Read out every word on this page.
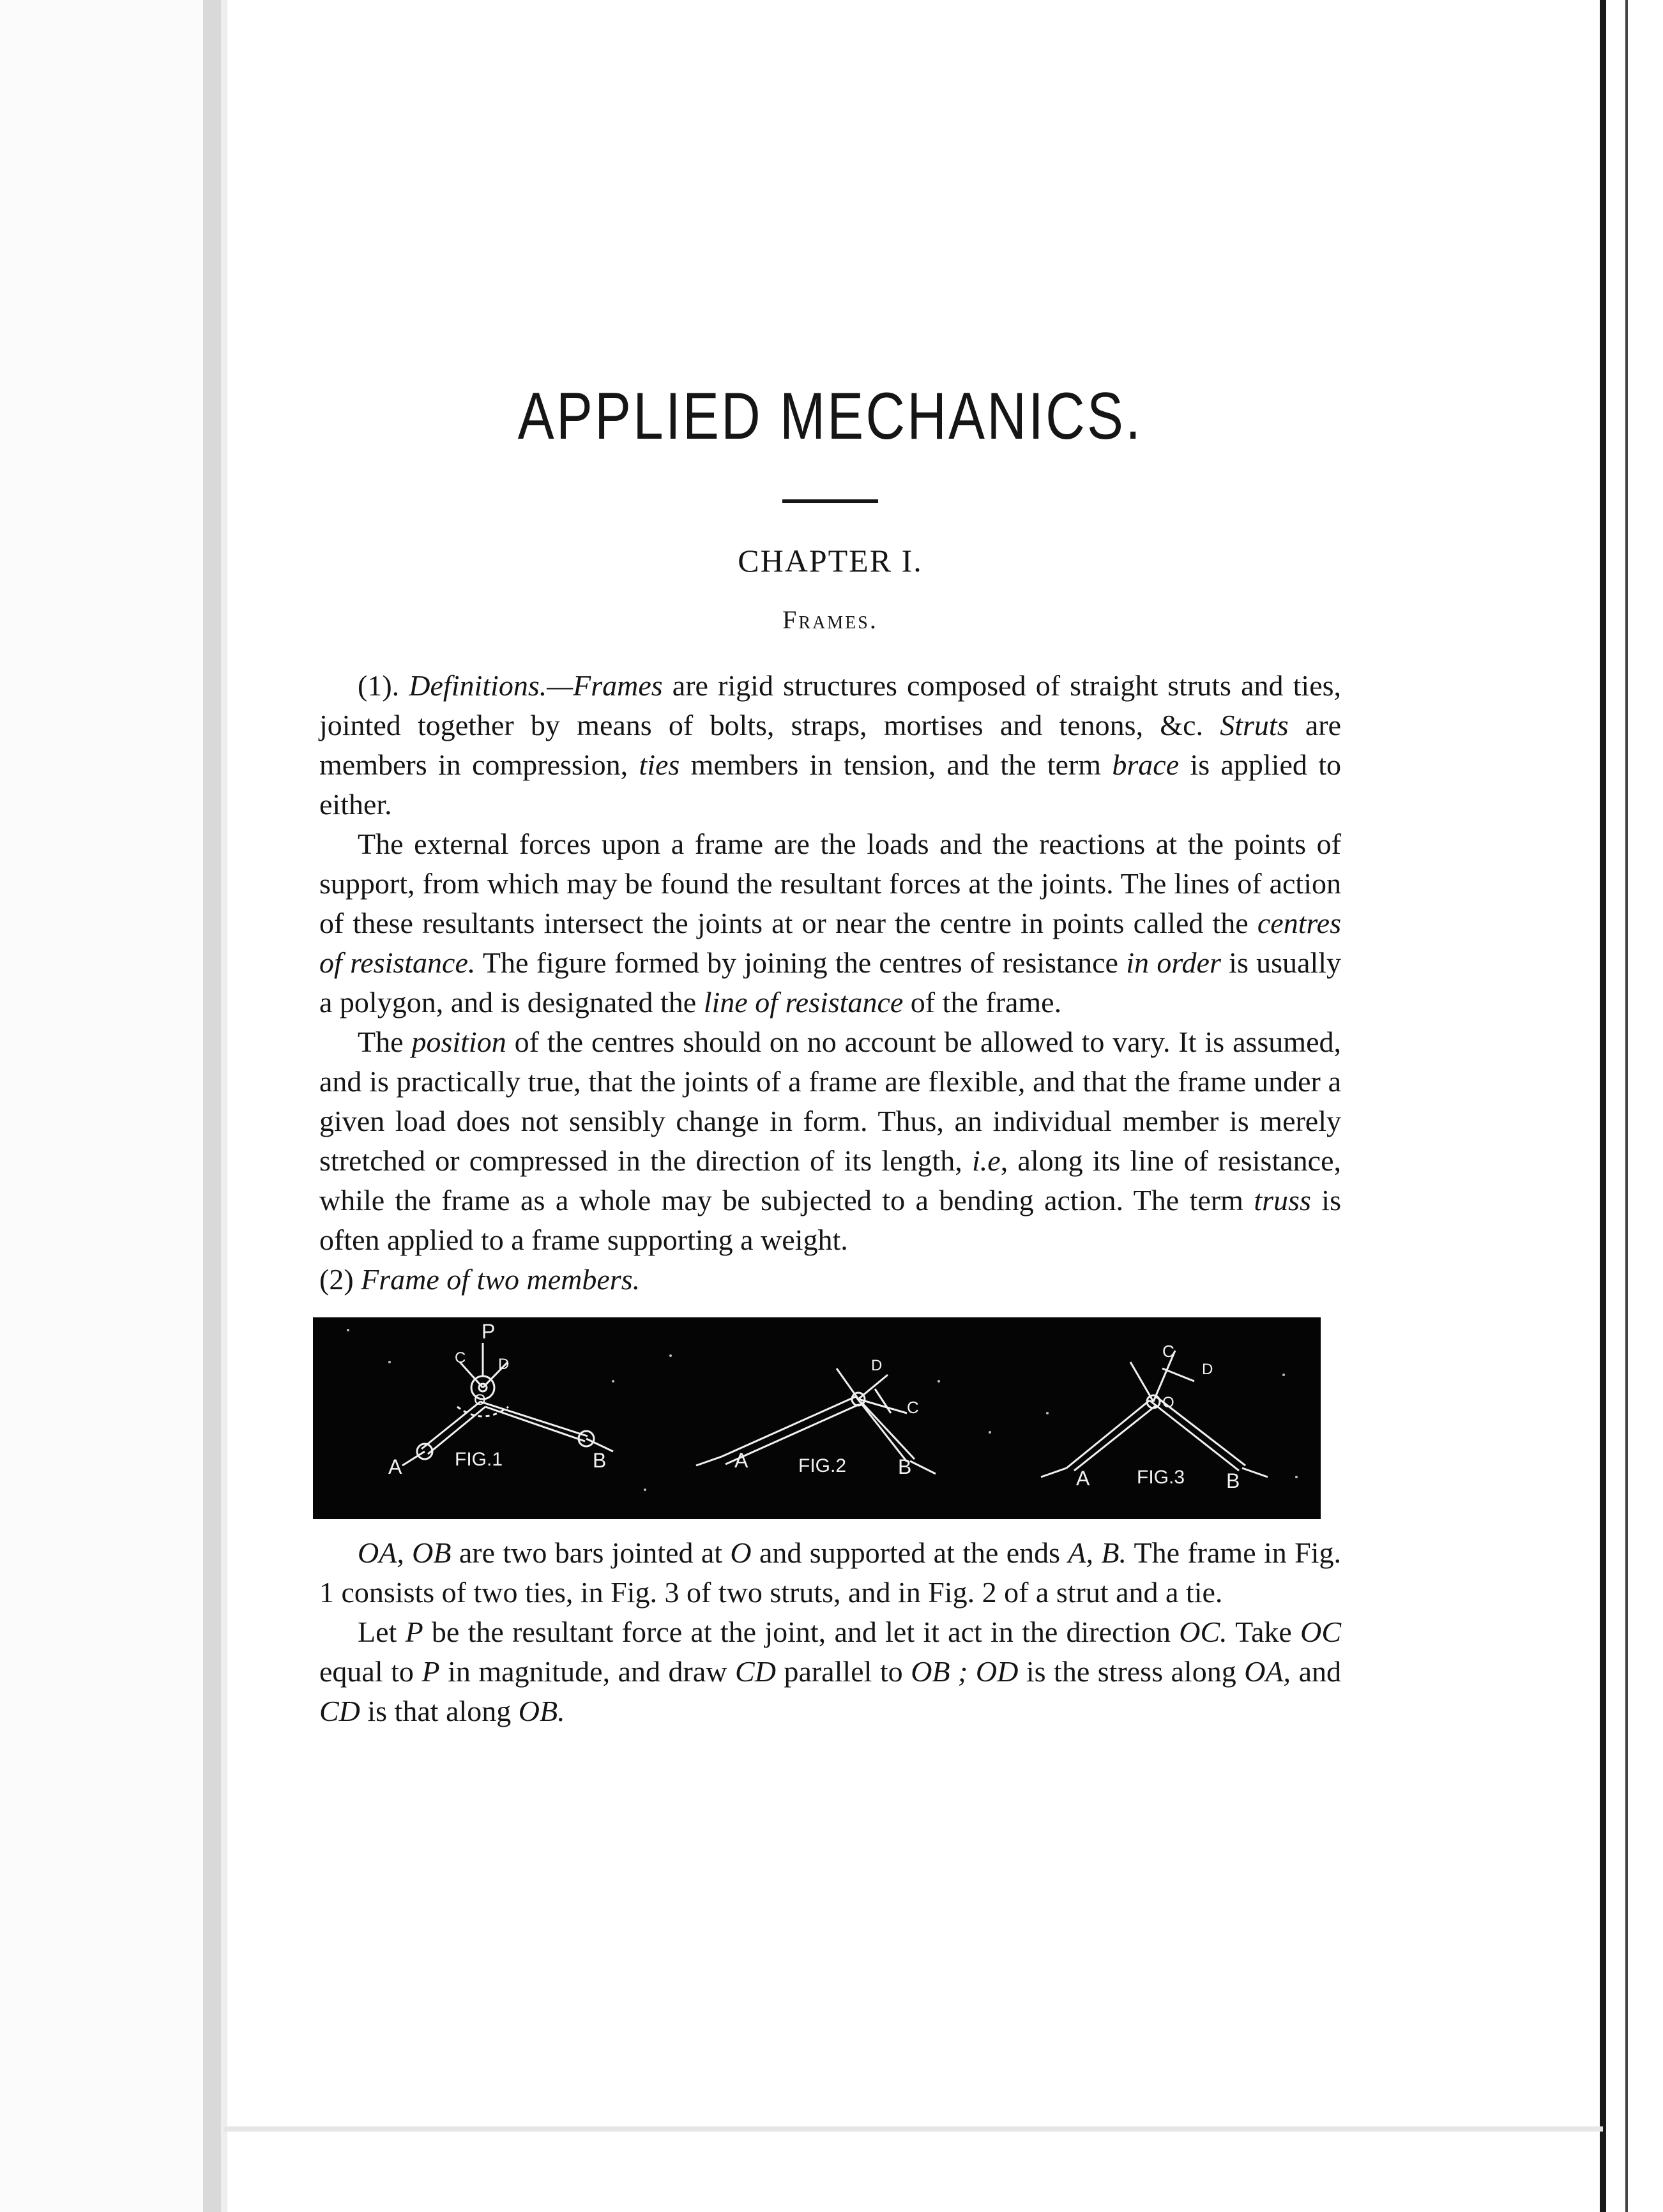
APPLIED MECHANICS.
CHAPTER I.
Frames.

(1). Definitions.—Frames are rigid structures composed of straight struts and ties, jointed together by means of bolts, straps, mortises and tenons, &c. Struts are members in compression, ties members in tension, and the term brace is applied to either.

The external forces upon a frame are the loads and the reactions at the points of support, from which may be found the resultant forces at the joints. The lines of action of these resultants intersect the joints at or near the centre in points called the centres of resistance. The figure formed by joining the centres of resistance in order is usually a polygon, and is designated the line of resistance of the frame.

The position of the centres should on no account be allowed to vary. It is assumed, and is practically true, that the joints of a frame are flexible, and that the frame under a given load does not sensibly change in form. Thus, an individual member is merely stretched or compressed in the direction of its length, i.e, along its line of resistance, while the frame as a whole may be subjected to a bending action. The term truss is often applied to a frame supporting a weight.

(2) Frame of two members.

P
C D
O
A	FIG.1	B
D
C
A	FIG.2	B
C
D
O
A FIG.3 B

OA, OB are two bars jointed at O and supported at the ends A, B. The frame in Fig. 1 consists of two ties, in Fig. 3 of two struts, and in Fig. 2 of a strut and a tie.

Let P be the resultant force at the joint, and let it act in the direction OC. Take OC equal to P in magnitude, and draw CD parallel to OB ; OD is the stress along OA, and CD is that along OB.
